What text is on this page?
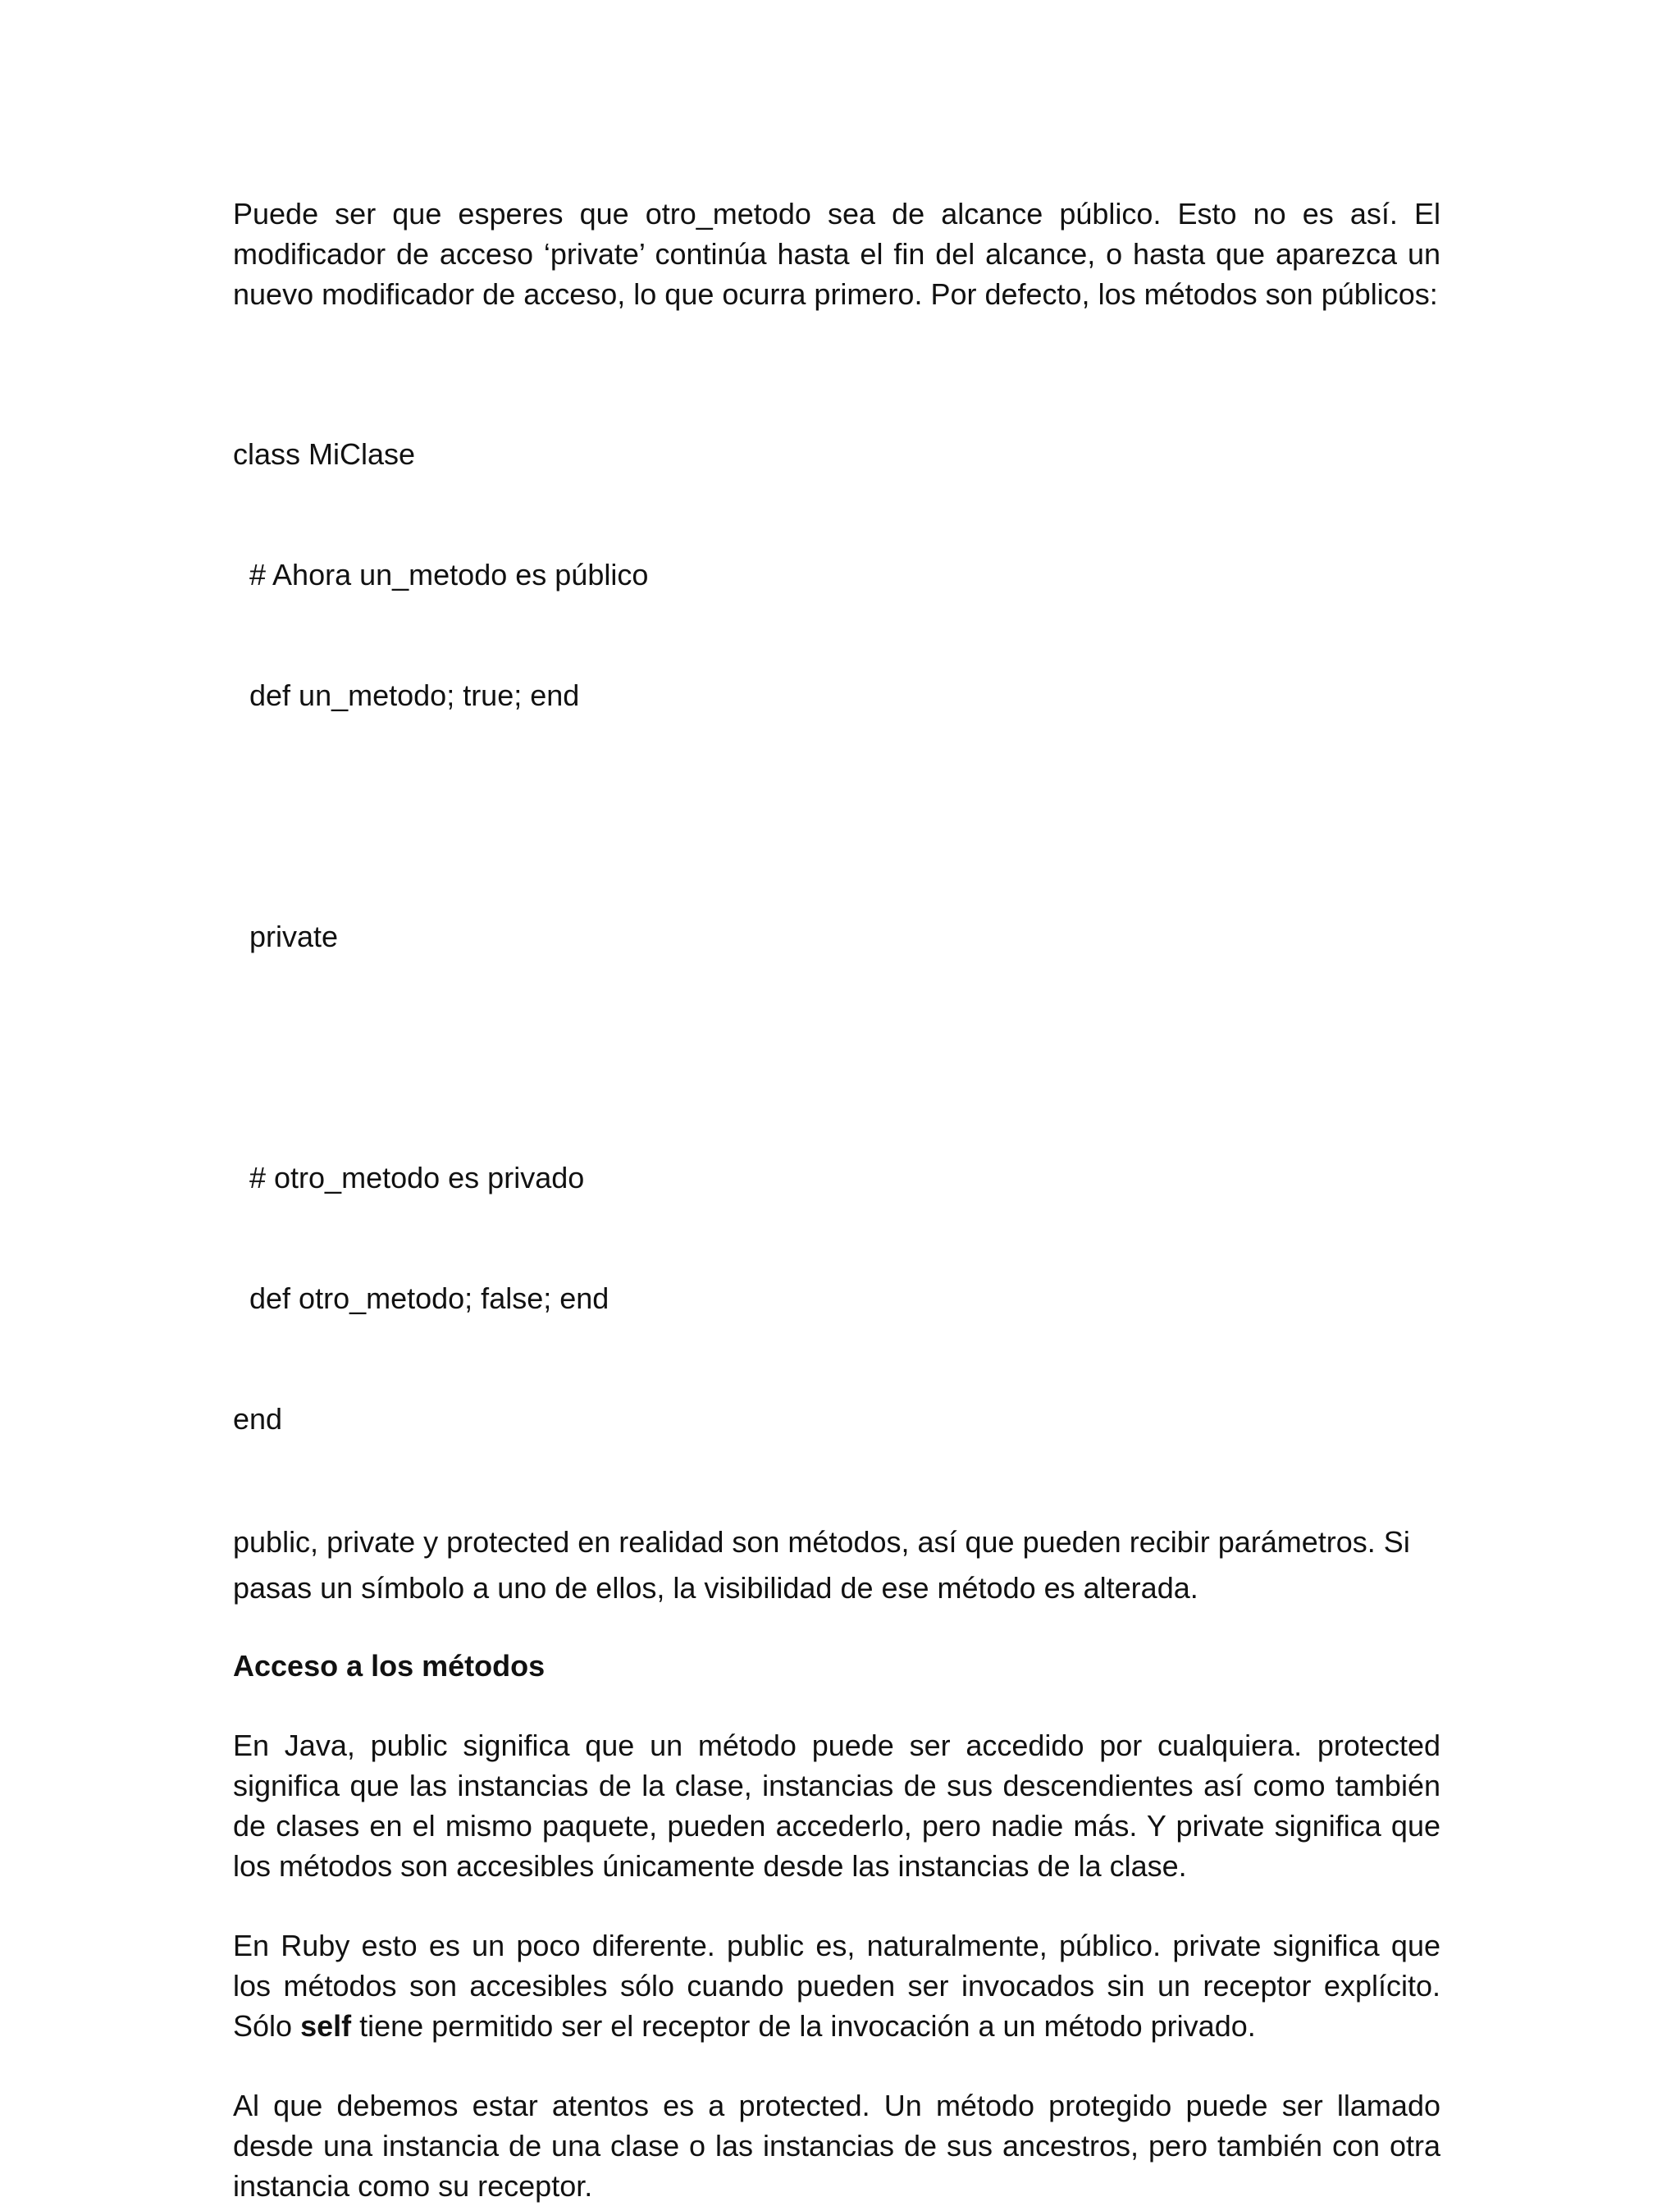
Puede ser que esperes que otro_metodo sea de alcance público. Esto no es así. El modificador de acceso ‘private’ continúa hasta el fin del alcance, o hasta que aparezca un nuevo modificador de acceso, lo que ocurra primero. Por defecto, los métodos son públicos:

class MiClase

# Ahora un_metodo es público

def un_metodo; true; end

private

# otro_metodo es privado

def otro_metodo; false; end

end

public, private y protected en realidad son métodos, así que pueden recibir parámetros. Si pasas un símbolo a uno de ellos, la visibilidad de ese método es alterada.

Acceso a los métodos

En Java, public significa que un método puede ser accedido por cualquiera. protected significa que las instancias de la clase, instancias de sus descendientes así como también de clases en el mismo paquete, pueden accederlo, pero nadie más. Y private significa que los métodos son accesibles únicamente desde las instancias de la clase.

En Ruby esto es un poco diferente. public es, naturalmente, público. private significa que los métodos son accesibles sólo cuando pueden ser invocados sin un receptor explícito. Sólo self tiene permitido ser el receptor de la invocación a un método privado.

Al que debemos estar atentos es a protected. Un método protegido puede ser llamado desde una instancia de una clase o las instancias de sus ancestros, pero también con otra instancia como su receptor.
